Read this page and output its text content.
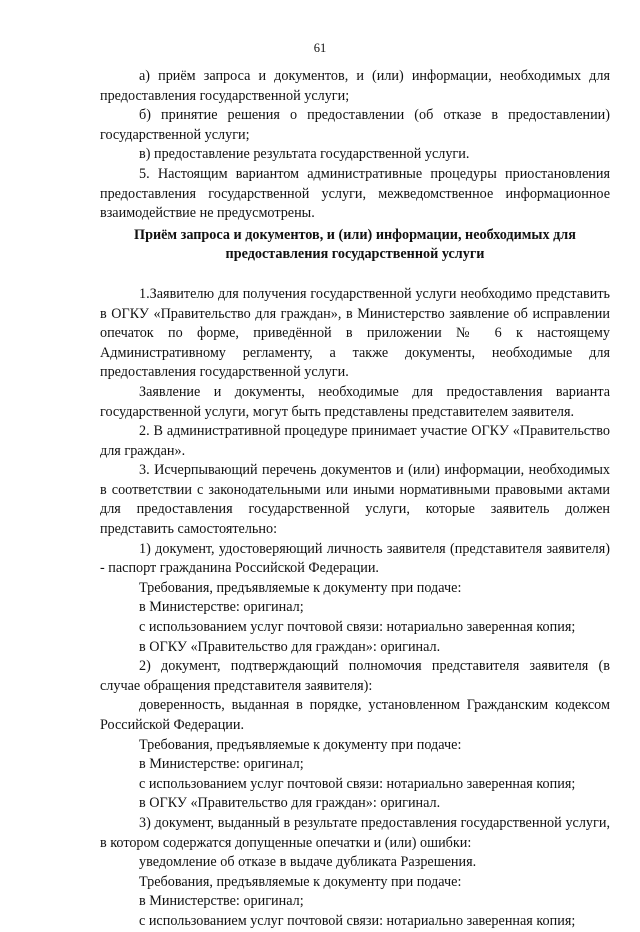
61

а) приём запроса и документов, и (или) информации, необходимых для предоставления государственной услуги;

б) принятие решения о предоставлении (об отказе в предоставлении) государственной услуги;

в) предоставление результата государственной услуги.

5. Настоящим вариантом административные процедуры приостановления предоставления государственной услуги, межведомственное информационное взаимодействие не предусмотрены.

Приём запроса и документов, и (или) информации, необходимых для предоставления государственной услуги

1.Заявителю для получения государственной услуги необходимо представить в ОГКУ «Правительство для граждан», в Министерство заявление об исправлении опечаток по форме, приведённой в приложении № 6 к настоящему Административному регламенту, а также документы, необходимые для предоставления государственной услуги.

Заявление и документы, необходимые для предоставления варианта государственной услуги, могут быть представлены представителем заявителя.

2. В административной процедуре принимает участие ОГКУ «Правительство для граждан».

3. Исчерпывающий перечень документов и (или) информации, необходимых в соответствии с законодательными или иными нормативными правовыми актами для предоставления государственной услуги, которые заявитель должен представить самостоятельно:

1) документ, удостоверяющий личность заявителя (представителя заявителя) - паспорт гражданина Российской Федерации.

Требования, предъявляемые к документу при подаче:

в Министерстве: оригинал;

с использованием услуг почтовой связи: нотариально заверенная копия;

в ОГКУ «Правительство для граждан»: оригинал.

2) документ, подтверждающий полномочия представителя заявителя (в случае обращения представителя заявителя):

доверенность, выданная в порядке, установленном Гражданским кодексом Российской Федерации.

Требования, предъявляемые к документу при подаче:

в Министерстве: оригинал;

с использованием услуг почтовой связи: нотариально заверенная копия;

в ОГКУ «Правительство для граждан»: оригинал.

3) документ, выданный в результате предоставления государственной услуги, в котором содержатся допущенные опечатки и (или) ошибки:

уведомление об отказе в выдаче дубликата Разрешения.

Требования, предъявляемые к документу при подаче:

в Министерстве: оригинал;

с использованием услуг почтовой связи: нотариально заверенная копия;
